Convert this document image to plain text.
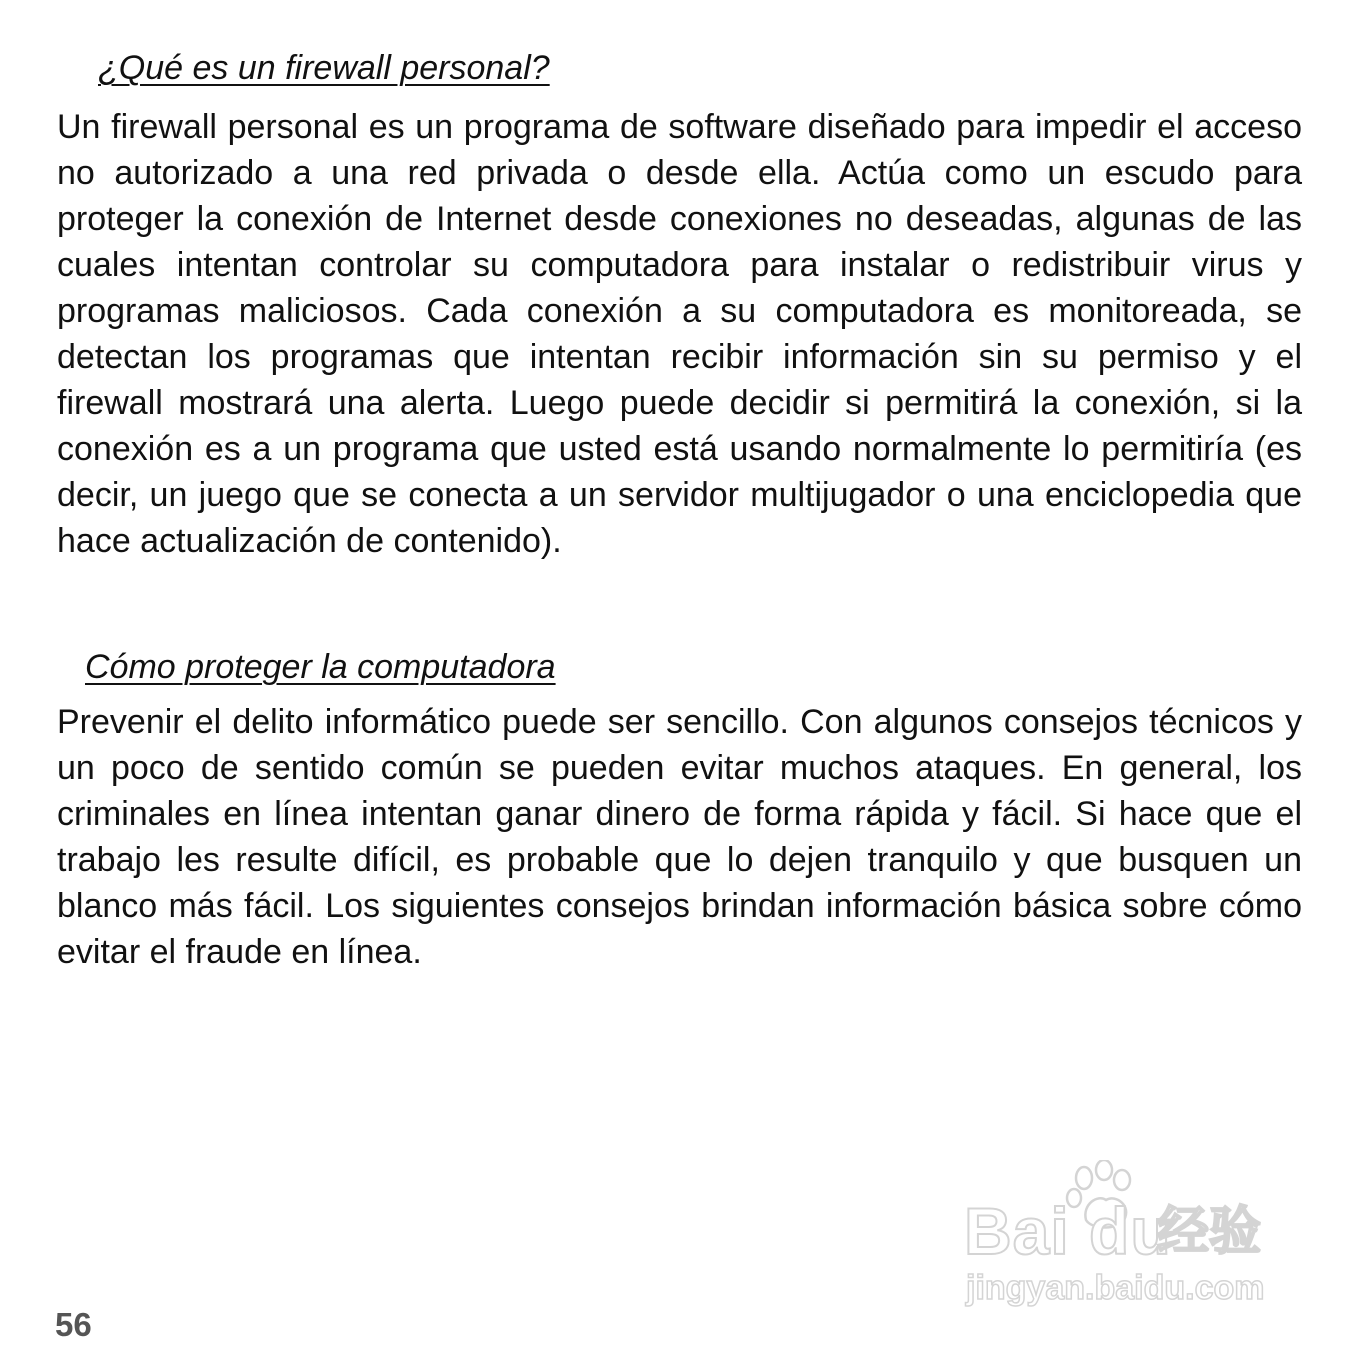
¿Qué es un firewall personal?

Un firewall personal es un programa de software diseñado para impedir el acceso no autorizado a una red privada o desde ella. Actúa como un escudo para proteger la conexión de Internet desde conexiones no deseadas, algunas de las cuales intentan controlar su computadora para instalar o redistribuir virus y programas maliciosos. Cada conexión a su computadora es monitoreada, se detectan los programas que intentan recibir información sin su permiso y el firewall mostrará una alerta. Luego puede decidir si permitirá la conexión, si la conexión es a un programa que usted está usando normalmente lo permitiría (es decir, un juego que se conecta a un servidor multijugador o una enciclopedia que hace actualización de contenido).

Cómo proteger la computadora

Prevenir el delito informático puede ser sencillo. Con algunos consejos técnicos y un poco de sentido común se pueden evitar muchos ataques. En general, los criminales en línea intentan ganar dinero de forma rápida y fácil. Si hace que el trabajo les resulte difícil, es probable que lo dejen tranquilo y que busquen un blanco más fácil. Los siguientes consejos brindan información básica sobre cómo evitar el fraude en línea.

Bai du
经验
jingyan.baidu.com
56
